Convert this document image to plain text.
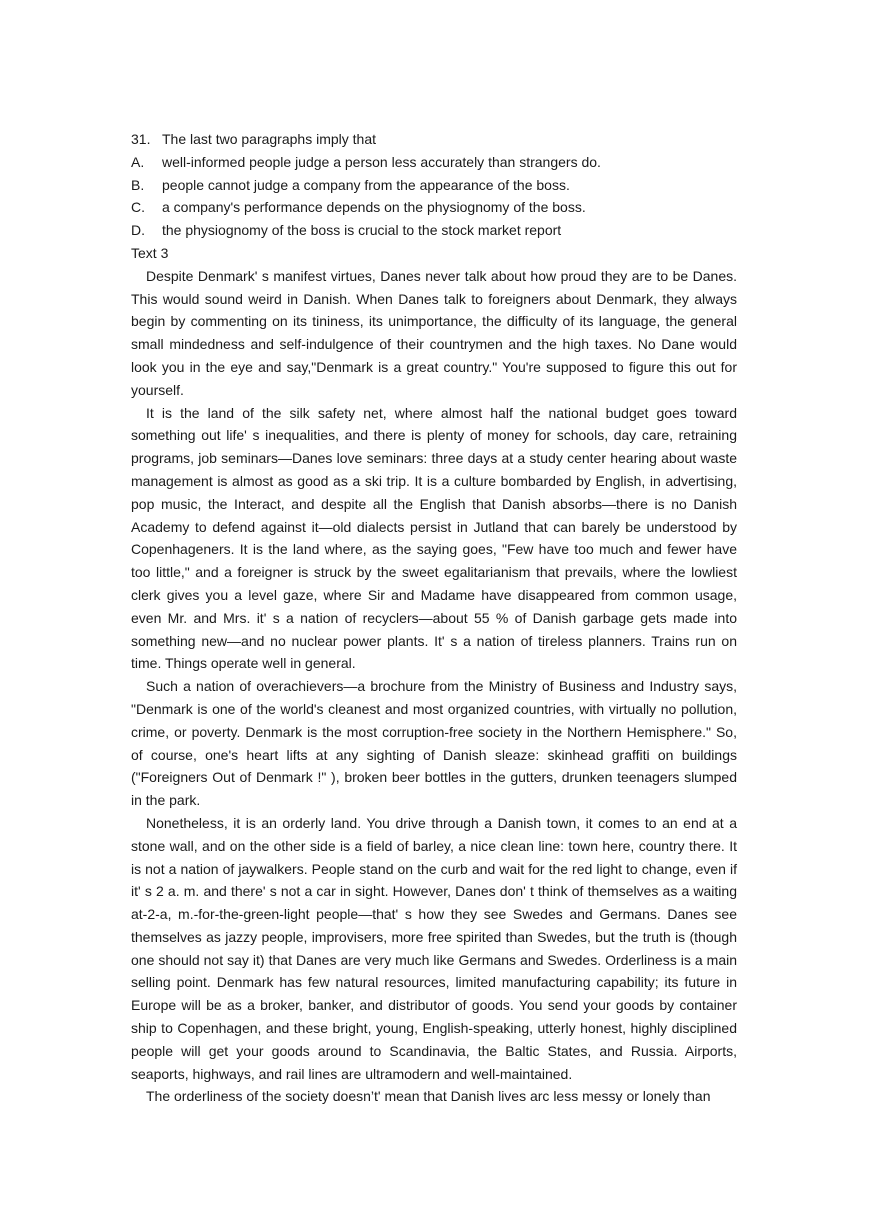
31. The last two paragraphs imply that
A.	well-informed people judge a person less accurately than strangers do.
B.	people cannot judge a company from the appearance of the boss.
C.	a company's performance depends on the physiognomy of the boss.
D.	the physiognomy of the boss is crucial to the stock market report
Text 3

Despite Denmark' s manifest virtues, Danes never talk about how proud they are to be Danes. This would sound weird in Danish. When Danes talk to foreigners about Denmark, they always begin by commenting on its tininess, its unimportance, the difficulty of its language, the general small mindedness and self-indulgence of their countrymen and the high taxes. No Dane would look you in the eye and say,"Denmark is a great country." You're supposed to figure this out for yourself.

It is the land of the silk safety net, where almost half the national budget goes toward something out life' s inequalities, and there is plenty of money for schools, day care, retraining programs, job seminars—Danes love seminars: three days at a study center hearing about waste management is almost as good as a ski trip. It is a culture bombarded by English, in advertising, pop music, the Interact, and despite all the English that Danish absorbs—there is no Danish Academy to defend against it—old dialects persist in Jutland that can barely be understood by Copenhageners. It is the land where, as the saying goes, "Few have too much and fewer have too little," and a foreigner is struck by the sweet egalitarianism that prevails, where the lowliest clerk gives you a level gaze, where Sir and Madame have disappeared from common usage, even Mr. and Mrs. it' s a nation of recyclers—about 55 % of Danish garbage gets made into something new—and no nuclear power plants. It' s a nation of tireless planners. Trains run on time. Things operate well in general.

Such a nation of overachievers—a brochure from the Ministry of Business and Industry says, "Denmark is one of the world's cleanest and most organized countries, with virtually no pollution, crime, or poverty. Denmark is the most corruption-free society in the Northern Hemisphere." So, of course, one's heart lifts at any sighting of Danish sleaze: skinhead graffiti on buildings ("Foreigners Out of Denmark !" ), broken beer bottles in the gutters, drunken teenagers slumped in the park.

Nonetheless, it is an orderly land. You drive through a Danish town, it comes to an end at a stone wall, and on the other side is a field of barley, a nice clean line: town here, country there. It is not a nation of jaywalkers. People stand on the curb and wait for the red light to change, even if it' s 2 a. m. and there' s not a car in sight. However, Danes don' t think of themselves as a waiting at-2-a, m.-for-the-green-light people—that' s how they see Swedes and Germans. Danes see themselves as jazzy people, improvisers, more free spirited than Swedes, but the truth is (though one should not say it) that Danes are very much like Germans and Swedes. Orderliness is a main selling point. Denmark has few natural resources, limited manufacturing capability; its future in Europe will be as a broker, banker, and distributor of goods. You send your goods by container ship to Copenhagen, and these bright, young, English-speaking, utterly honest, highly disciplined people will get your goods around to Scandinavia, the Baltic States, and Russia. Airports, seaports, highways, and rail lines are ultramodern and well-maintained.

The orderliness of the society doesn’t' mean that Danish lives arc less messy or lonely than
